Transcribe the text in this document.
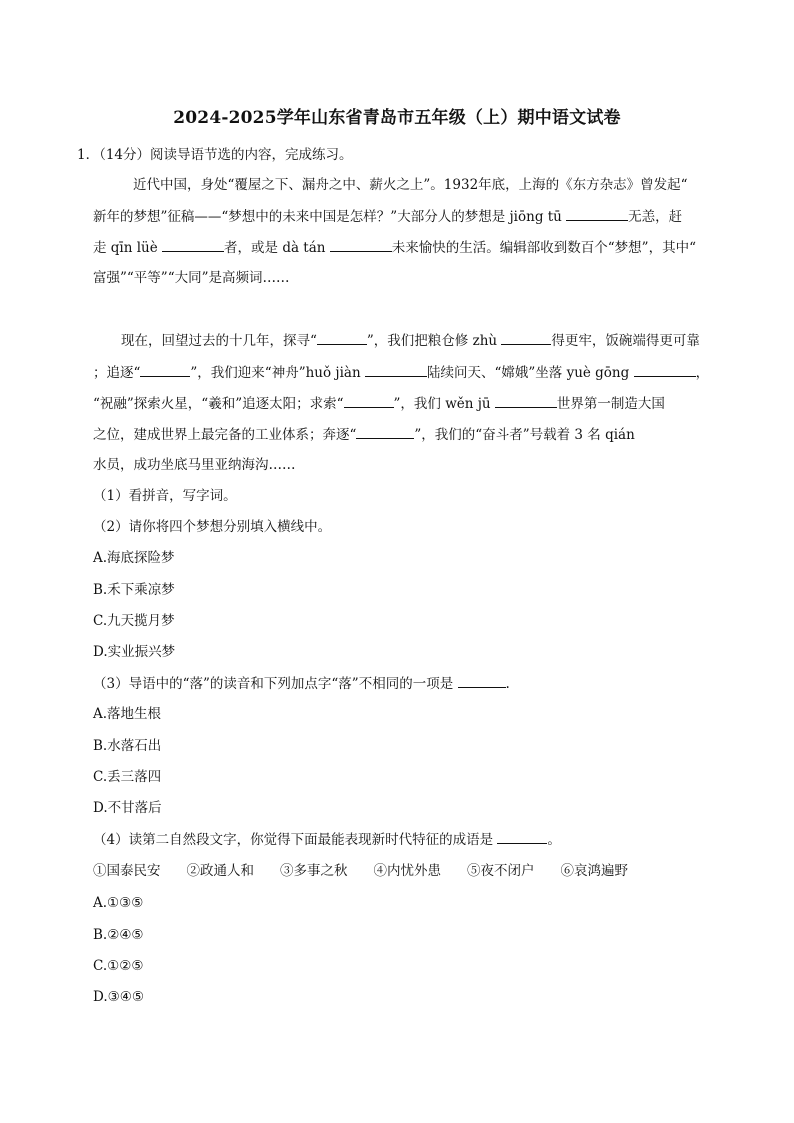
2024-2025学年山东省青岛市五年级（上）期中语文试卷
1．（14分）阅读导语节选的内容，完成练习。
近代中国，身处“覆屋之下、漏舟之中、薪火之上”。1932年底，上海的《东方杂志》曾发起“
新年的梦想”征稿——“梦想中的未来中国是怎样？”大部分人的梦想是 jiōng tū	无恙，赶
走 qīn lüè	者，或是 dà tán	未来愉快的生活。编辑部收到数百个“梦想”，其中“
富强”“平等”“大同”是高频词……
现在，回望过去的十几年，探寻“	”，我们把粮仓修 zhù	得更牢，饭碗端得更可靠
；追逐“	”，我们迎来“神舟”huǒ jiàn	陆续问天、“嫦娥”坐落 yuè gōng	，
“祝融”探索火星，“羲和”追逐太阳；求索“	”，我们 wěn jū	世界第一制造大国
之位，建成世界上最完备的工业体系；奔逐“	”，我们的“奋斗者”号载着 3 名 qián
水员，成功坐底马里亚纳海沟……
（1）看拼音，写字词。
（2）请你将四个梦想分别填入横线中。
A.海底探险梦
B.禾下乘凉梦
C.九天揽月梦
D.实业振兴梦
（3）导语中的“落”的读音和下列加点字“落”不相同的一项是	.
A.落地生根
B.水落石出
C.丢三落四
D.不甘落后
（4）读第二自然段文字，你觉得下面最能表现新时代特征的成语是	。
①国泰民安 ②政通人和 ③多事之秋 ④内忧外患 ⑤夜不闭户 ⑥哀鸿遍野
A.①③⑤
B.②④⑤
C.①②⑤
D.③④⑤
